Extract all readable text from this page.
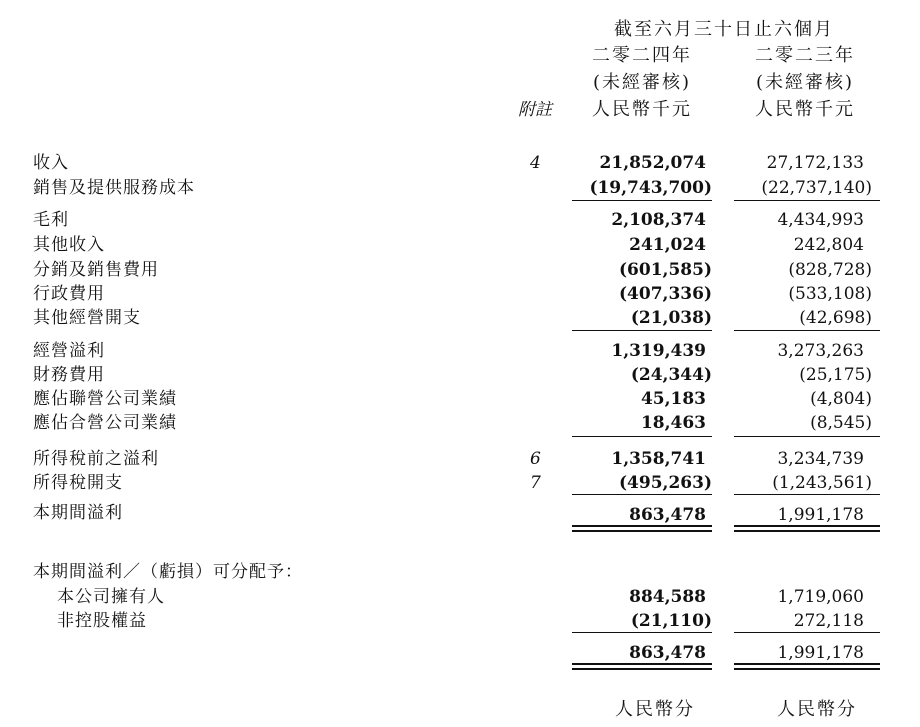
截至六月三十日止六個月
二零二四年	二零二三年
(未經審核)	(未經審核)
附註	人民幣千元	人民幣千元
收入	4	21,852,074	27,172,133
銷售及提供服務成本	(19,743,700)	(22,737,140)
毛利	2,108,374	4,434,993
其他收入	241,024	242,804
分銷及銷售費用	(601,585)	(828,728)
行政費用	(407,336)	(533,108)
其他經營開支	(21,038)	(42,698)
經營溢利	1,319,439	3,273,263
財務費用	(24,344)	(25,175)
應佔聯營公司業績	45,183	(4,804)
應佔合營公司業績	18,463	(8,545)
所得稅前之溢利	6	1,358,741	3,234,739
所得稅開支	7	(495,263)	(1,243,561)
本期間溢利	863,478	1,991,178
本期間溢利／（虧損）可分配予：
本公司擁有人	884,588	1,719,060
非控股權益	(21,110)	272,118
863,478	1,991,178
人民幣分	人民幣分
